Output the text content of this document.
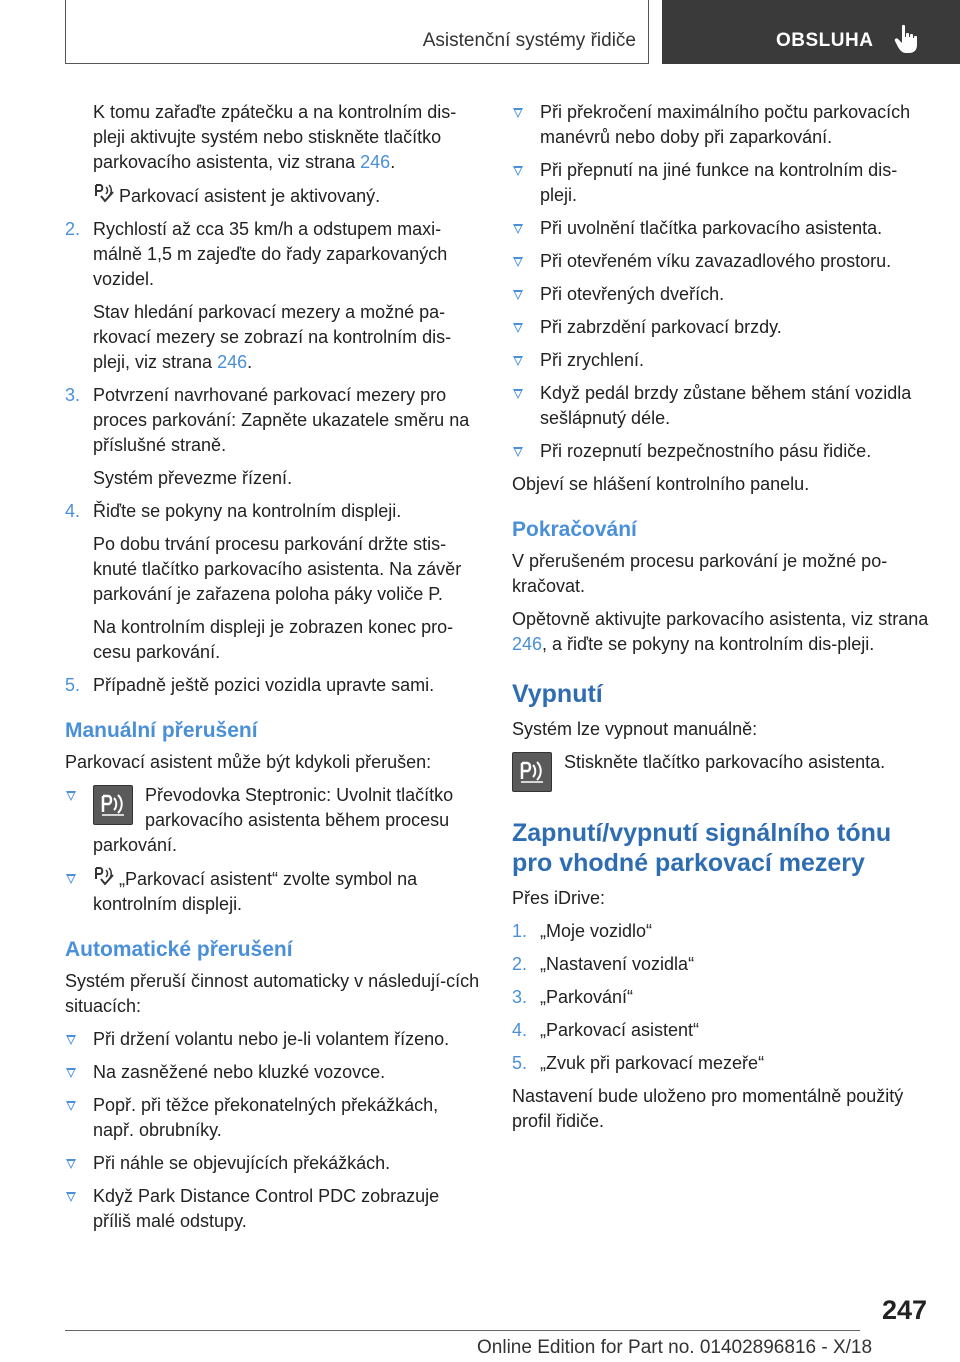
Asistenční systémy řidiče	OBSLUHA

K tomu zařaďte zpátečku a na kontrolním dis-pleji aktivujte systém nebo stiskněte tlačítko parkovacího asistenta, viz strana 246.

Parkovací asistent je aktivovaný.

2. Rychlostí až cca 35 km/h a odstupem maxi-málně 1,5 m zajeďte do řady zaparkovaných vozidel.

Stav hledání parkovací mezery a možné pa-rkovací mezery se zobrazí na kontrolním dis-pleji, viz strana 246.

3. Potvrzení navrhované parkovací mezery pro proces parkování: Zapněte ukazatele směru na příslušné straně.

Systém převezme řízení.

4. Řiďte se pokyny na kontrolním displeji.

Po dobu trvání procesu parkování držte stis-knuté tlačítko parkovacího asistenta. Na závěr parkování je zařazena poloha páky voliče P.

Na kontrolním displeji je zobrazen konec pro-cesu parkování.

5. Případně ještě pozici vozidla upravte sami.

Manuální přerušení

Parkovací asistent může být kdykoli přerušen:

Převodovka Steptronic: Uvolnit tlačítko parkovacího asistenta během procesu parkování.
„Parkovací asistent“ zvolte symbol na kontrolním displeji.
Automatické přerušení

Systém přeruší činnost automaticky v následují-cích situacích:

Při držení volantu nebo je-li volantem řízeno.
Na zasněžené nebo kluzké vozovce.
Popř. při těžce překonatelných překážkách, např. obrubníky.
Při náhle se objevujících překážkách.
Když Park Distance Control PDC zobrazuje příliš malé odstupy.
Při překročení maximálního počtu parkovacích manévrů nebo doby při zaparkování.
Při přepnutí na jiné funkce na kontrolním dis-pleji.
Při uvolnění tlačítka parkovacího asistenta.
Při otevřeném víku zavazadlového prostoru.
Při otevřených dveřích.
Při zabrzdění parkovací brzdy.
Při zrychlení.
Když pedál brzdy zůstane během stání vozidla sešlápnutý déle.
Při rozepnutí bezpečnostního pásu řidiče.

Objeví se hlášení kontrolního panelu.

Pokračování

V přerušeném procesu parkování je možné po-kračovat.

Opětovně aktivujte parkovacího asistenta, viz strana 246, a řiďte se pokyny na kontrolním dis-pleji.

Vypnutí

Systém lze vypnout manuálně:

Stiskněte tlačítko parkovacího asistenta.
Zapnutí/vypnutí signálního tónu pro vhodné parkovací mezery

Přes iDrive:

1. „Moje vozidlo“
2. „Nastavení vozidla“
3. „Parkování“
4. „Parkovací asistent“
5. „Zvuk při parkovací mezeře“

Nastavení bude uloženo pro momentálně použitý profil řidiče.

247
Online Edition for Part no. 01402896816 - X/18
